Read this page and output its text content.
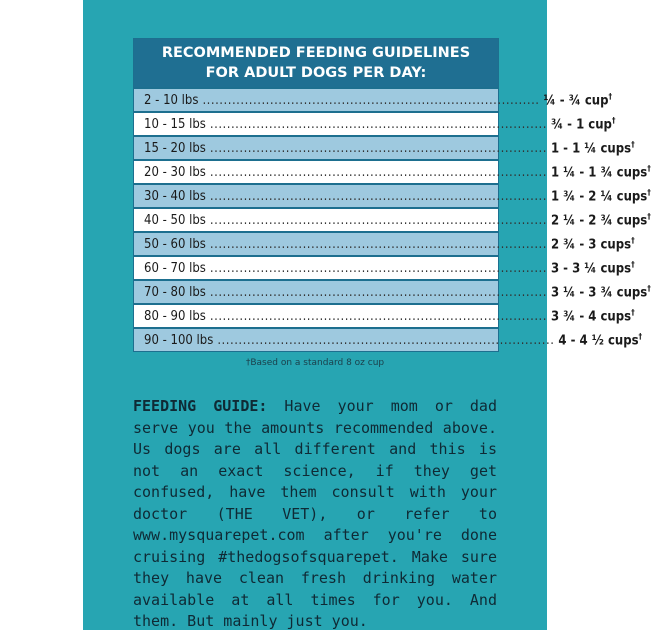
RECOMMENDED FEEDING GUIDELINES
FOR ADULT DOGS PER DAY:
2 - 10 lbs ................................................................................ ¼ - ¾ cup†
10 - 15 lbs ................................................................................ ¾ - 1 cup†
15 - 20 lbs ................................................................................ 1 - 1 ¼ cups†
20 - 30 lbs ................................................................................ 1 ¼ - 1 ¾ cups†
30 - 40 lbs ................................................................................ 1 ¾ - 2 ¼ cups†
40 - 50 lbs ................................................................................ 2 ¼ - 2 ¾ cups†
50 - 60 lbs ................................................................................ 2 ¾ - 3 cups†
60 - 70 lbs ................................................................................ 3 - 3 ¼ cups†
70 - 80 lbs ................................................................................ 3 ¼ - 3 ¾ cups†
80 - 90 lbs ................................................................................ 3 ¾ - 4 cups†
90 - 100 lbs ................................................................................ 4 - 4 ½ cups†
†Based on a standard 8 oz cup
FEEDING GUIDE: Have your mom or dad serve you the amounts recommended above. Us dogs are all different and this is not an exact science, if they get confused, have them consult with your doctor (THE VET), or refer to www.mysquarepet.com after you're done cruising #thedogsofsquarepet. Make sure they have clean fresh drinking water available at all times for you. And them. But mainly just you.
